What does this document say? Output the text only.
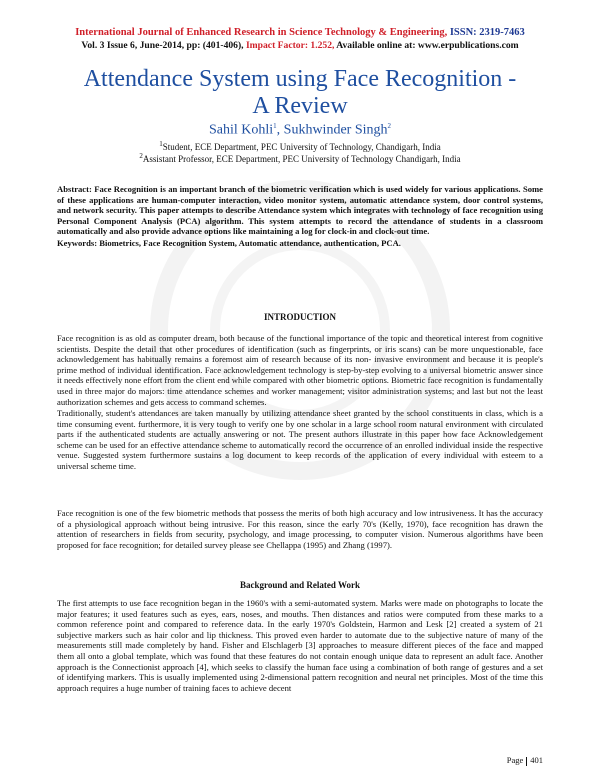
International Journal of Enhanced Research in Science Technology & Engineering, ISSN: 2319-7463
Vol. 3 Issue 6, June-2014, pp: (401-406), Impact Factor: 1.252, Available online at: www.erpublications.com
Attendance System using Face Recognition -
A Review
Sahil Kohli$^1$, Sukhwinder Singh$^2$
$^1$Student, ECE Department, PEC University of Technology, Chandigarh, India
$^2$Assistant Professor, ECE Department, PEC University of Technology Chandigarh, India
Abstract: Face Recognition is an important branch of the biometric verification which is used widely for various applications. Some of these applications are human-computer interaction, video monitor system, automatic attendance system, door control systems, and network security. This paper attempts to describe Attendance system which integrates with technology of face recognition using Personal Component Analysis (PCA) algorithm. This system attempts to record the attendance of students in a classroom automatically and also provide advance options like maintaining a log for clock-in and clock-out time.
Keywords: Biometrics, Face Recognition System, Automatic attendance, authentication, PCA.
INTRODUCTION
Face recognition is as old as computer dream, both because of the functional importance of the topic and theoretical interest from cognitive scientists. Despite the detail that other procedures of identification (such as fingerprints, or iris scans) can be more unquestionable, face acknowledgement has habitually remains a foremost aim of research because of its non- invasive environment and because it is people's prime method of individual identification. Face acknowledgement technology is step-by-step evolving to a universal biometric answer since it needs effectively none effort from the client end while compared with other biometric options. Biometric face recognition is fundamentally used in three major do majors: time attendance schemes and worker management; visitor administration systems; and last but not the least authorization schemes and gets access to command schemes.
Traditionally, student's attendances are taken manually by utilizing attendance sheet granted by the school constituents in class, which is a time consuming event. furthermore, it is very tough to verify one by one scholar in a large school room natural environment with circulated parts if the authenticated students are actually answering or not. The present authors illustrate in this paper how face Acknowledgement scheme can be used for an effective attendance scheme to automatically record the occurrence of an enrolled individual inside the respective venue. Suggested system furthermore sustains a log document to keep records of the application of every individual with esteem to a universal scheme time.
Face recognition is one of the few biometric methods that possess the merits of both high accuracy and low intrusiveness. It has the accuracy of a physiological approach without being intrusive. For this reason, since the early 70's (Kelly, 1970), face recognition has drawn the attention of researchers in fields from security, psychology, and image processing, to computer vision. Numerous algorithms have been proposed for face recognition; for detailed survey please see Chellappa (1995) and Zhang (1997).
Background and Related Work
The first attempts to use face recognition began in the 1960's with a semi-automated system. Marks were made on photographs to locate the major features; it used features such as eyes, ears, noses, and mouths. Then distances and ratios were computed from these marks to a common reference point and compared to reference data. In the early 1970's Goldstein, Harmon and Lesk [2] created a system of 21 subjective markers such as hair color and lip thickness. This proved even harder to automate due to the subjective nature of many of the measurements still made completely by hand. Fisher and Elschlagerb [3] approaches to measure different pieces of the face and mapped them all onto a global template, which was found that these features do not contain enough unique data to represent an adult face. Another approach is the Connectionist approach [4], which seeks to classify the human face using a combination of both range of gestures and a set of identifying markers. This is usually implemented using 2-dimensional pattern recognition and neural net principles. Most of the time this approach requires a huge number of training faces to achieve decent
Page 401
